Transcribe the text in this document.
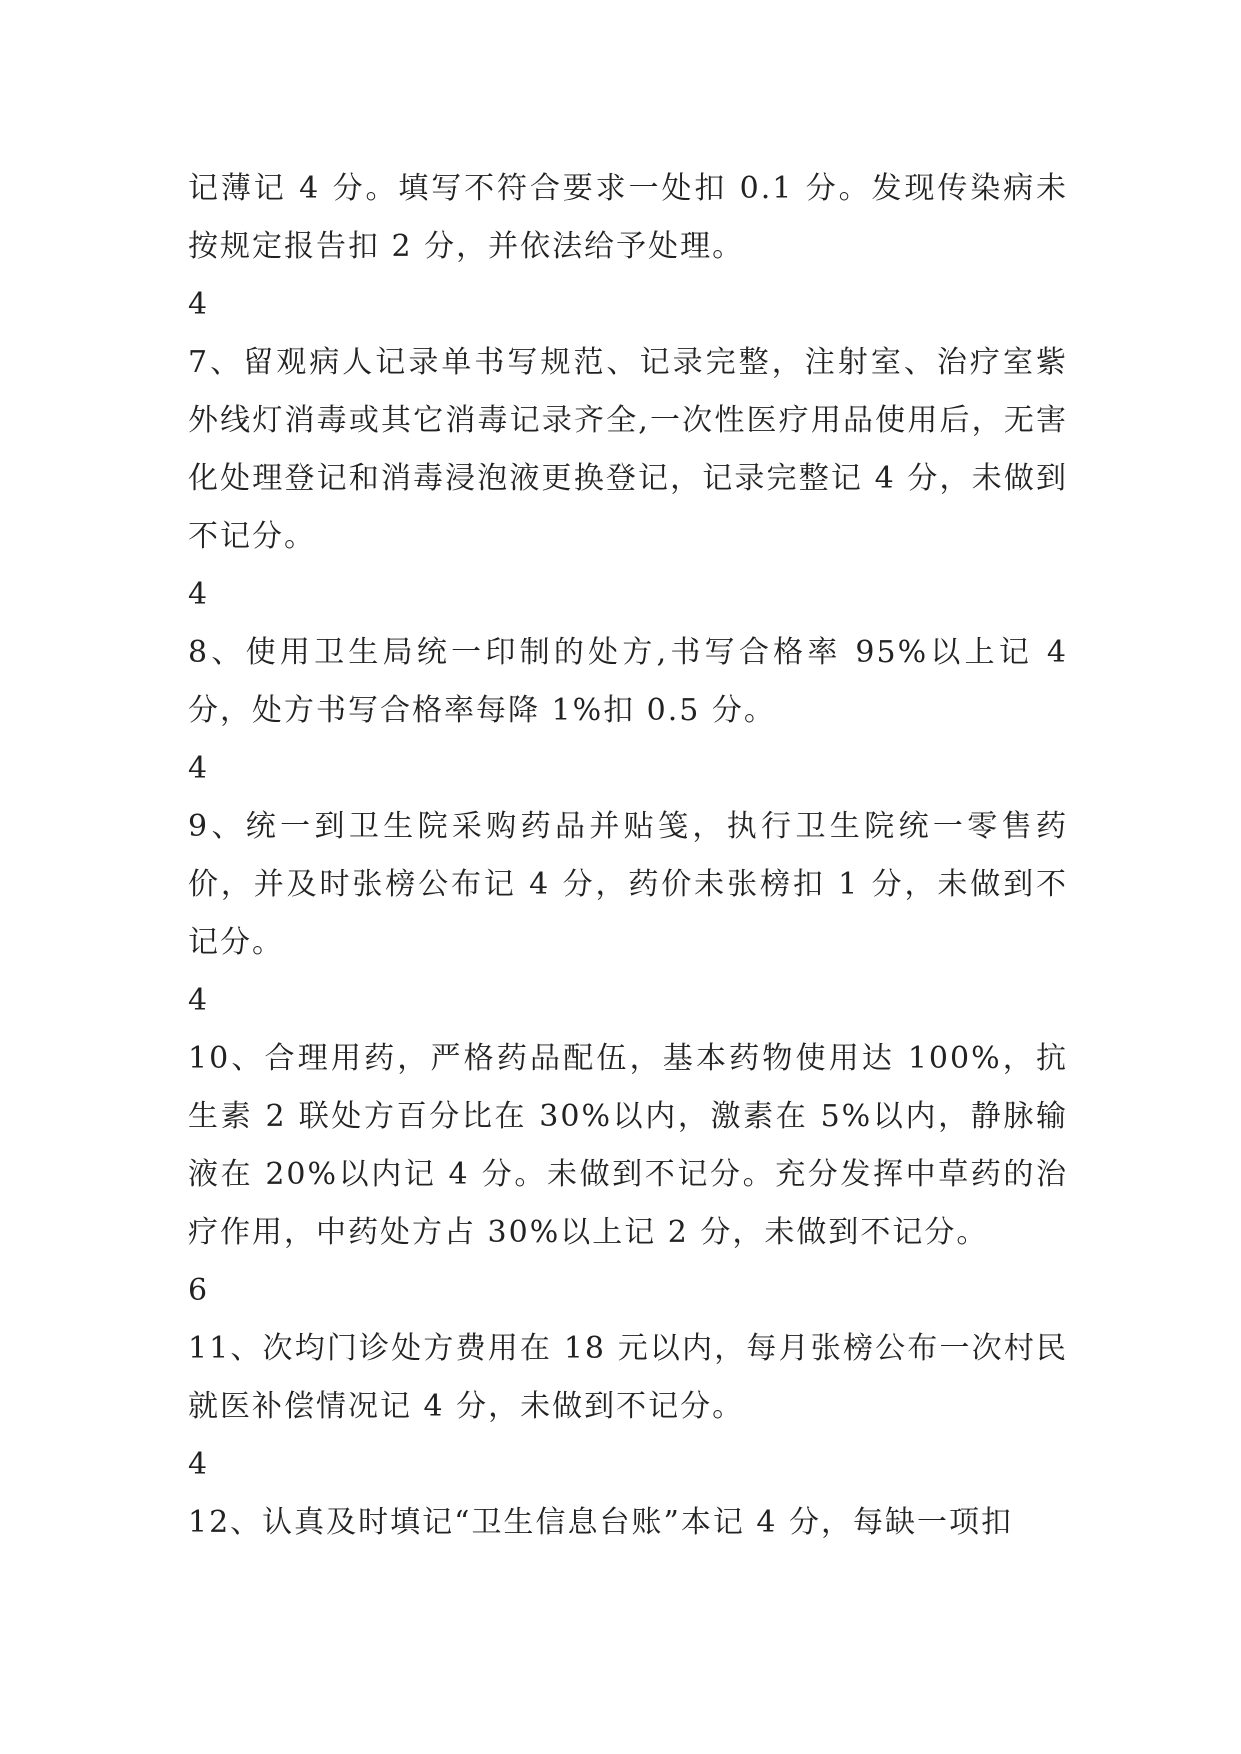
记薄记 4 分。填写不符合要求一处扣 0.1 分。发现传染病未按规定报告扣 2 分，并依法给予处理。

4

7、留观病人记录单书写规范、记录完整，注射室、治疗室紫外线灯消毒或其它消毒记录齐全,一次性医疗用品使用后，无害化处理登记和消毒浸泡液更换登记，记录完整记 4 分，未做到不记分。

4

8、使用卫生局统一印制的处方,书写合格率 95%以上记 4 分，处方书写合格率每降 1%扣 0.5 分。

4

9、统一到卫生院采购药品并贴笺，执行卫生院统一零售药价，并及时张榜公布记 4 分，药价未张榜扣 1 分，未做到不记分。

4

10、合理用药，严格药品配伍，基本药物使用达 100%，抗生素 2 联处方百分比在 30%以内，激素在 5%以内，静脉输液在 20%以内记 4 分。未做到不记分。充分发挥中草药的治疗作用，中药处方占 30%以上记 2 分，未做到不记分。

6

11、次均门诊处方费用在 18 元以内，每月张榜公布一次村民就医补偿情况记 4 分，未做到不记分。

4

12、认真及时填记“卫生信息台账”本记 4 分，每缺一项扣
